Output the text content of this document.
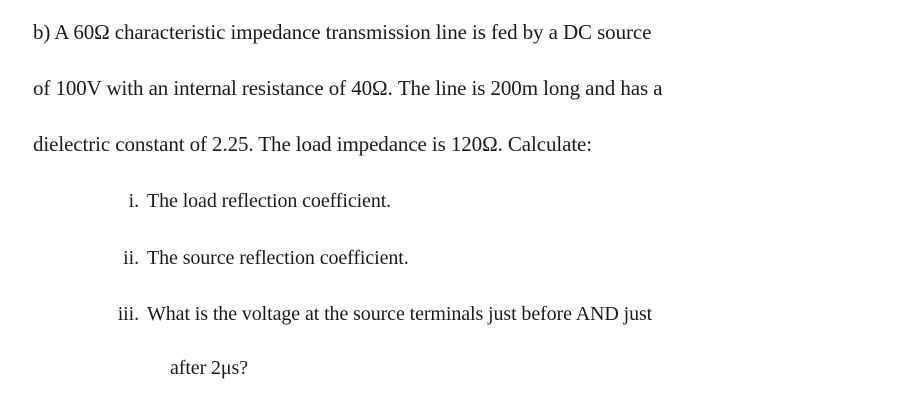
b) A 60Ω characteristic impedance transmission line is fed by a DC source
of 100V with an internal resistance of 40Ω. The line is 200m long and has a
dielectric constant of 2.25. The load impedance is 120Ω. Calculate:
i. The load reflection coefficient.
ii. The source reflection coefficient.
iii. What is the voltage at the source terminals just before AND just
after 2μs?
